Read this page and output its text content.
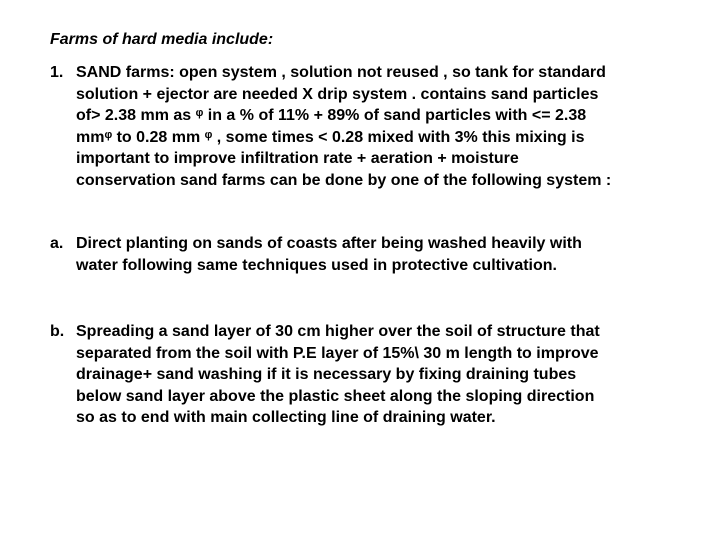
Farms of hard media include:
1. SAND farms: open system , solution not reused , so tank for standard
solution + ejector are needed X drip system . contains sand particles
of> 2.38 mm as ᵠ in a % of 11% + 89% of sand particles with <= 2.38
mmᵠ to 0.28 mm ᵠ , some times < 0.28 mixed with 3% this mixing is
important to improve infiltration rate + aeration + moisture
conservation sand farms can be done by one of the following system :
a. Direct planting on sands of coasts after being washed heavily with
water following same techniques used in protective cultivation.
b. Spreading a sand layer of 30 cm higher over the soil of structure that
separated from the soil with P.E layer of 15%\ 30 m length to improve
drainage+ sand washing if it is necessary by fixing draining tubes
below sand layer above the plastic sheet along the sloping direction
so as to end with main collecting line of draining water.
